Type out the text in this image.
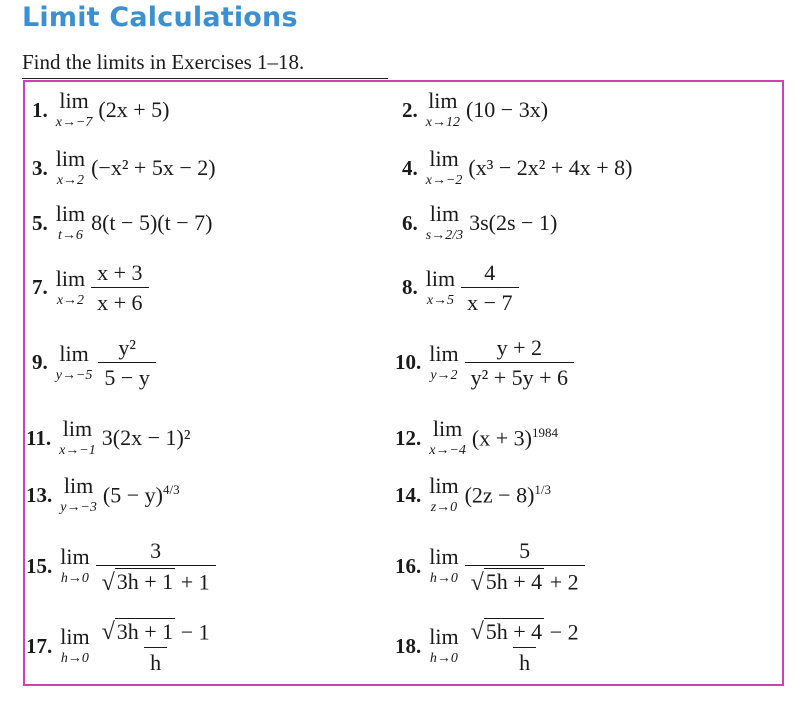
Limit Calculations
Find the limits in Exercises 1–18.
1. lim
x→−7
(2x + 5)	2. lim
x→12
(10 − 3x)
3. lim
x→2
(−x² + 5x − 2)	4. lim
x→−2
(x³ − 2x² + 4x + 8)
5. lim
t→6
8(t − 5)(t − 7)	6. lim
s→2/3
3s(2s − 1)
7. lim
$x\to 2 \frac{x + 3}{x + 6}$	8. lim
$x\to 5 \frac{4}{x - 7}$
9. lim
$y\to-5 \frac{\text{y²}}{5 - y}$	10. lim
$y\to 2 \frac{y + 2}{\text{y² + 5y + 6}}$
11. lim
x→−1
3(2x − 1)²	12. lim
x→−4
$(x + 3)^{1984}$
13. lim
y→−3
$(5 - y)^{4/3}$	14. lim
z→0
$(2z - 8)^{1/3}$
15. lim
$h\to 0 \frac{3}{√ 3h + 1 + 1}$	16. lim
$h\to 0 \frac{5}{√ 5h + 4 + 2}$
17. lim
$h\to 0 \frac{√ 3h + 1 - 1}{h}$	18. lim
$h\to 0 \frac{√ 5h + 4 - 2}{h}$
